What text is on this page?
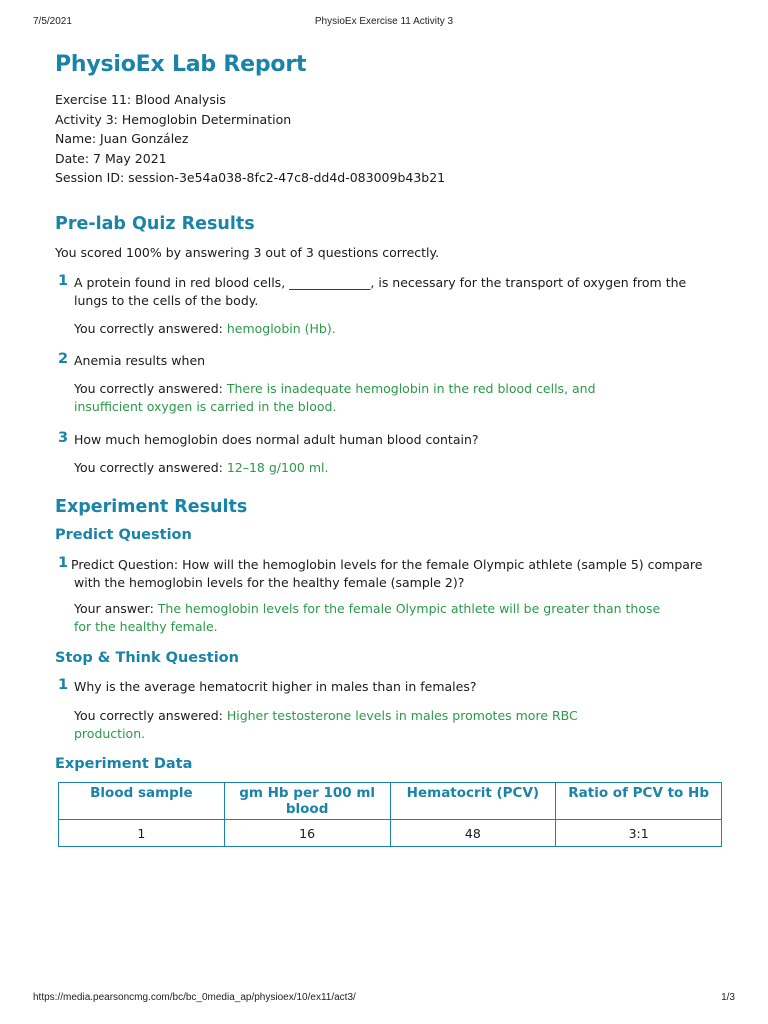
7/5/2021	PhysioEx Exercise 11 Activity 3
PhysioEx Lab Report
Exercise 11: Blood Analysis
Activity 3: Hemoglobin Determination
Name: Juan González
Date: 7 May 2021
Session ID: session-3e54a038-8fc2-47c8-dd4d-083009b43b21
Pre-lab Quiz Results
You scored 100% by answering 3 out of 3 questions correctly.
1 A protein found in red blood cells, _____________, is necessary for the transport of oxygen from the
lungs to the cells of the body.
You correctly answered: hemoglobin (Hb).
2 Anemia results when
You correctly answered: There is inadequate hemoglobin in the red blood cells, and
insufficient oxygen is carried in the blood.
3 How much hemoglobin does normal adult human blood contain?
You correctly answered: 12–18 g/100 ml.
Experiment Results
Predict Question
1 Predict Question: How will the hemoglobin levels for the female Olympic athlete (sample 5) compare
with the hemoglobin levels for the healthy female (sample 2)?
Your answer: The hemoglobin levels for the female Olympic athlete will be greater than those
for the healthy female.
Stop & Think Question
1 Why is the average hematocrit higher in males than in females?
You correctly answered: Higher testosterone levels in males promotes more RBC
production.
Experiment Data
Blood sample	gm Hb per 100 ml blood	Hematocrit (PCV)	Ratio of PCV to Hb
1	16	48	3:1
https://media.pearsoncmg.com/bc/bc_0media_ap/physioex/10/ex11/act3/	1/3
